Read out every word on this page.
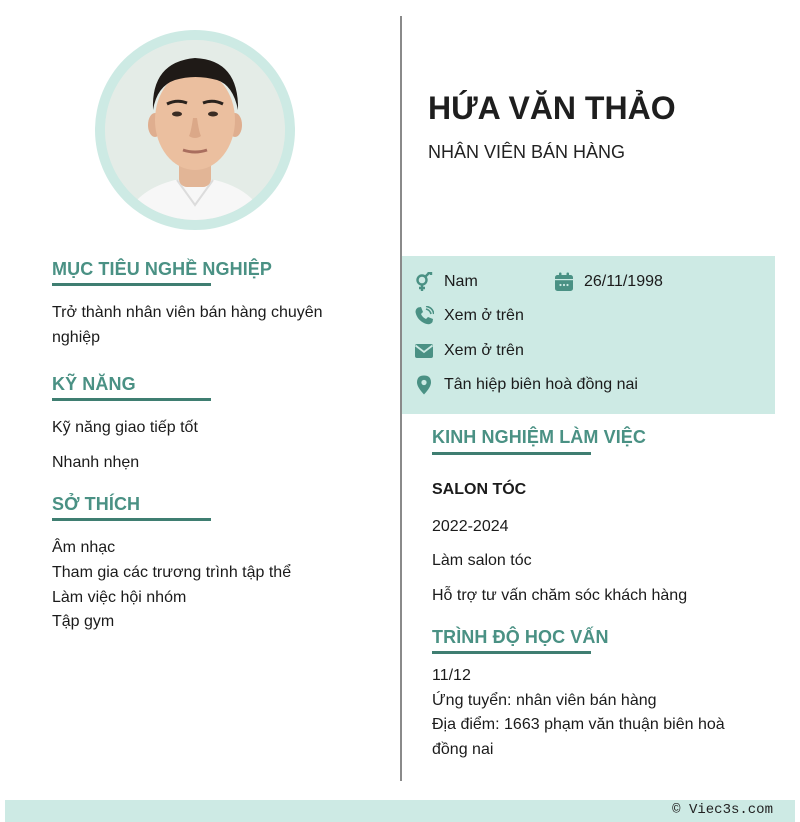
HỨA VĂN THẢO
NHÂN VIÊN BÁN HÀNG
Nam	26/11/1998
Xem ở trên
Xem ở trên
Tân hiệp biên hoà đồng nai
MỤC TIÊU NGHỀ NGHIỆP
Trở thành nhân viên bán hàng chuyên
nghiệp
KỸ NĂNG
Kỹ năng giao tiếp tốt
Nhanh nhẹn
SỞ THÍCH
Âm nhạc
Tham gia các trương trình tập thể
Làm việc hội nhóm
Tập gym
KINH NGHIỆM LÀM VIỆC
SALON TÓC
2022-2024
Làm salon tóc
Hỗ trợ tư vấn chăm sóc khách hàng
TRÌNH ĐỘ HỌC VẤN
11/12
Ứng tuyển: nhân viên bán hàng
Địa điểm: 1663 phạm văn thuận biên hoà
đồng nai
© Viec3s.com
